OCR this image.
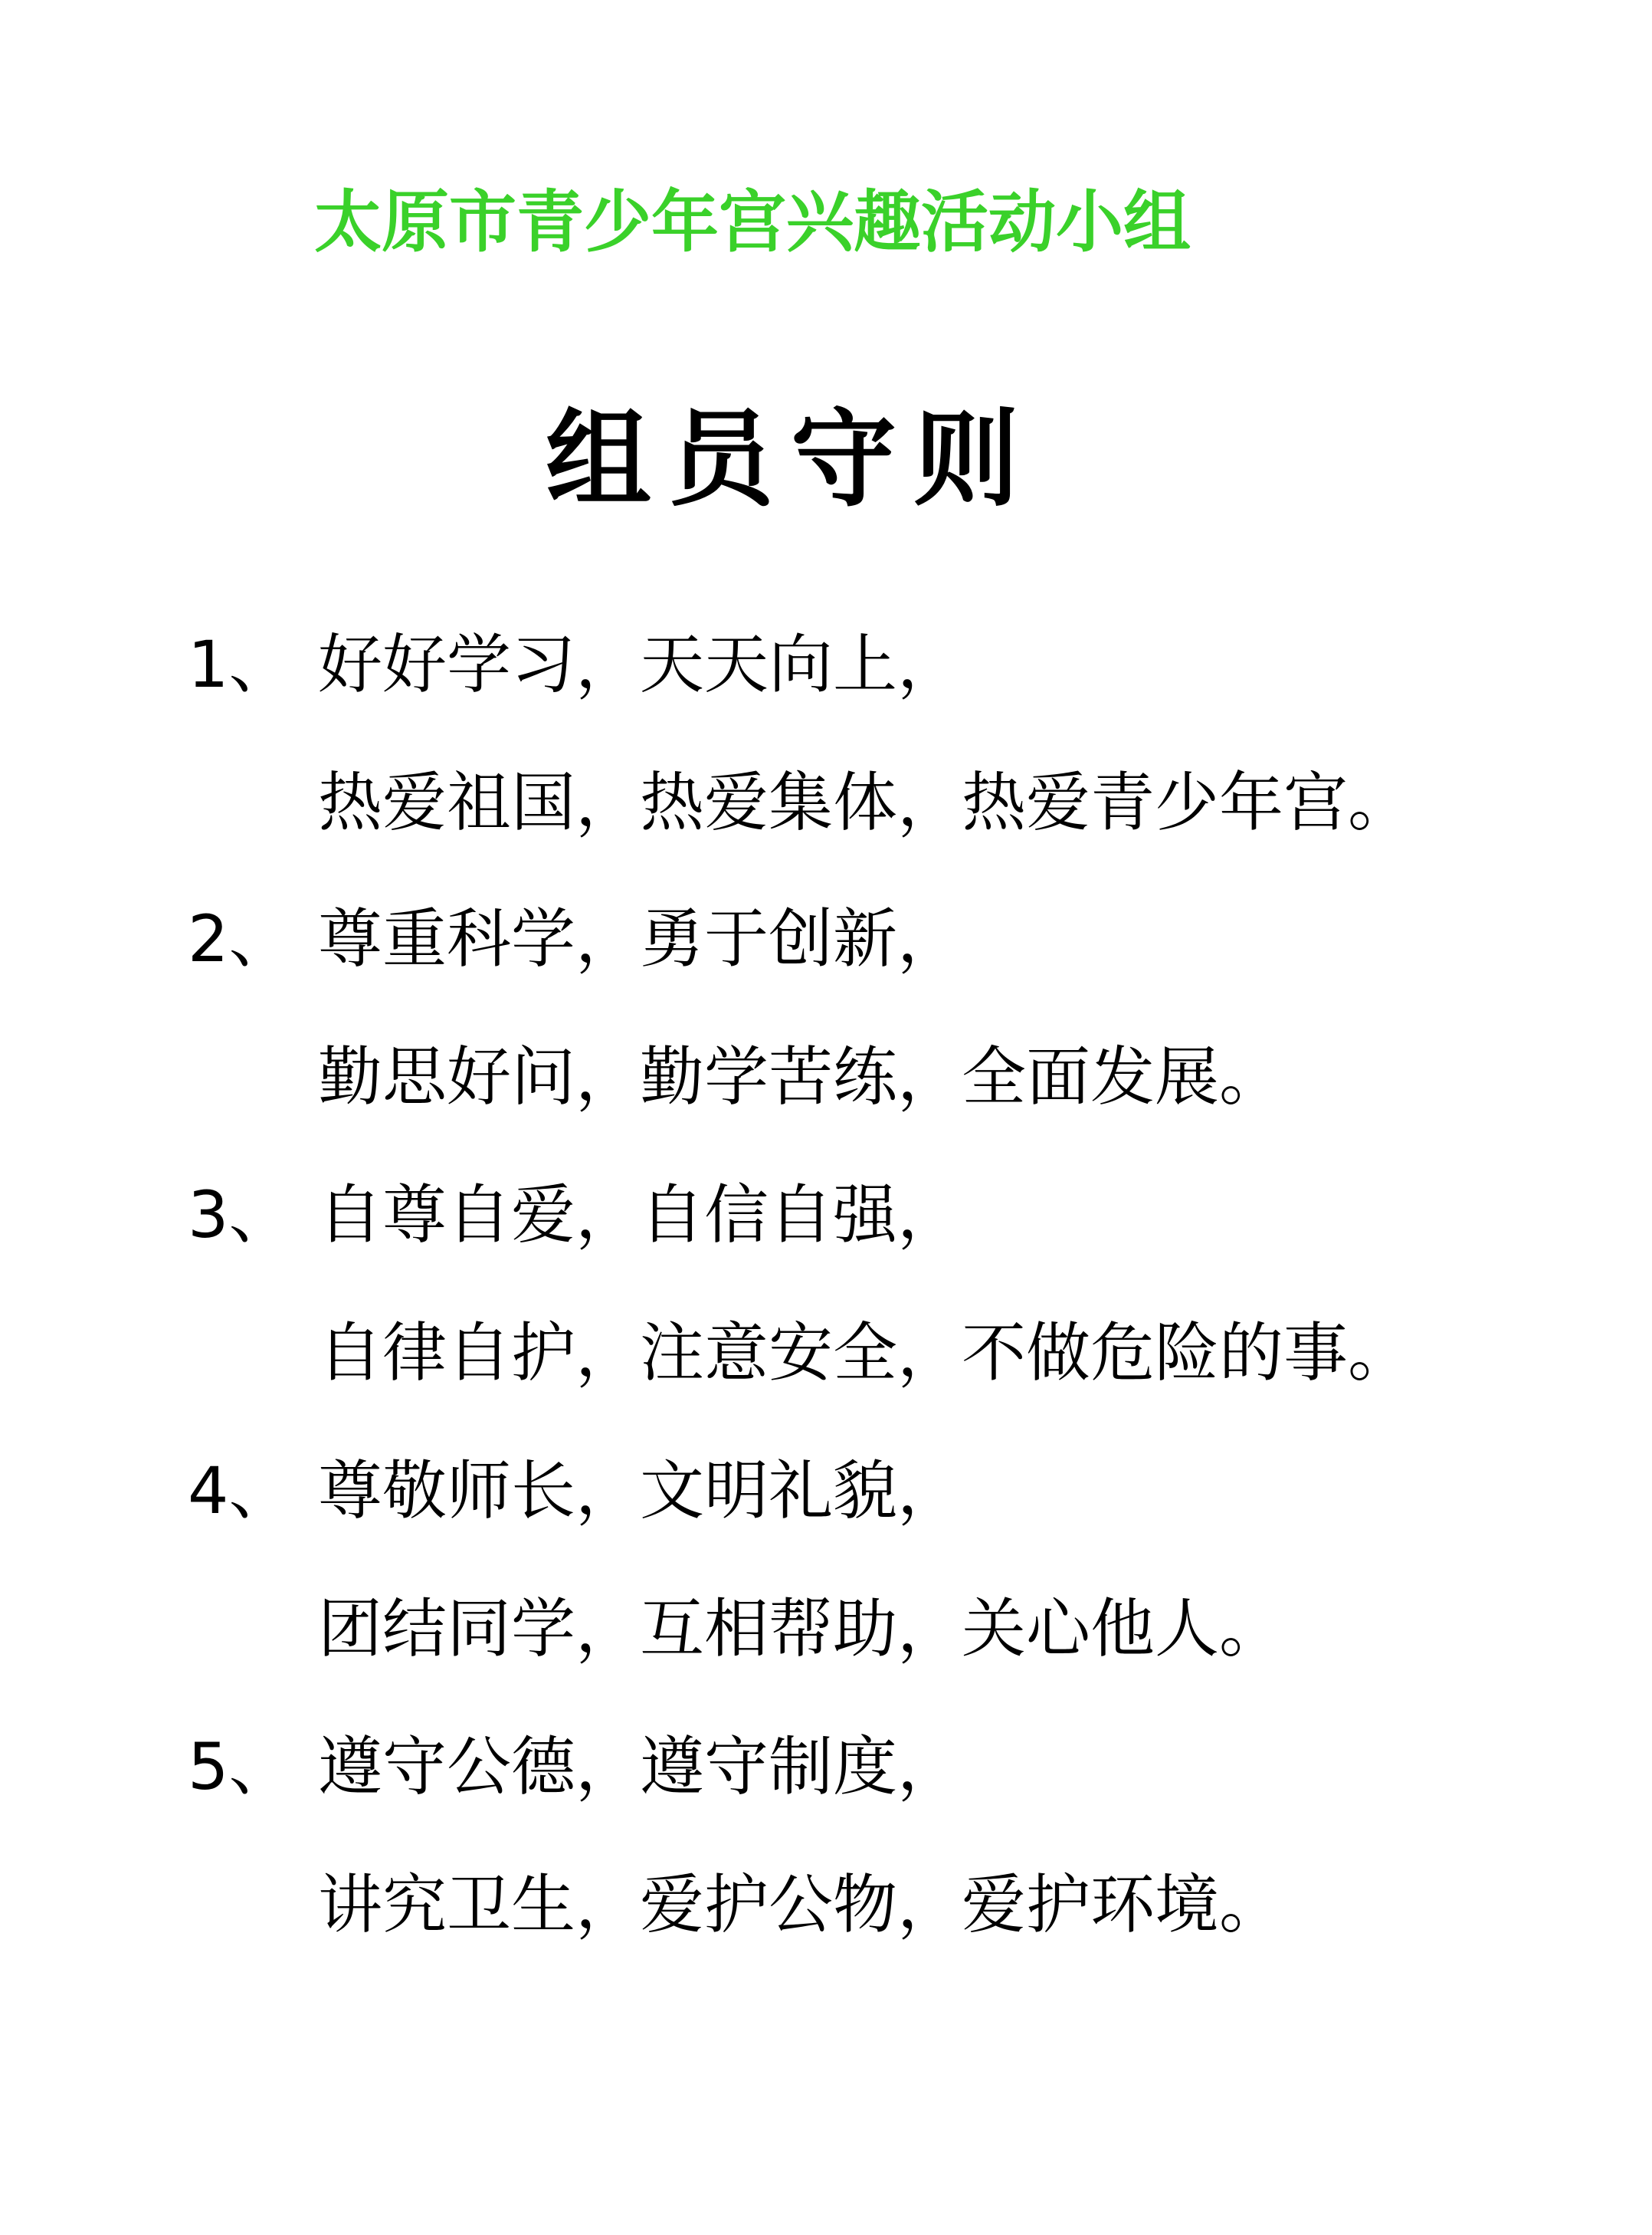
太原市青少年宫兴趣活动小组
组员守则
1、 好好学习，天天向上，
热爱祖国，热爱集体，热爱青少年宫。
2、 尊重科学，勇于创新，
勤思好问，勤学苦练，全面发展。
3、 自尊自爱，自信自强，
自律自护，注意安全，不做危险的事。
4、 尊敬师长，文明礼貌，
团结同学，互相帮助，关心他人。
5、 遵守公德，遵守制度，
讲究卫生，爱护公物，爱护环境。
